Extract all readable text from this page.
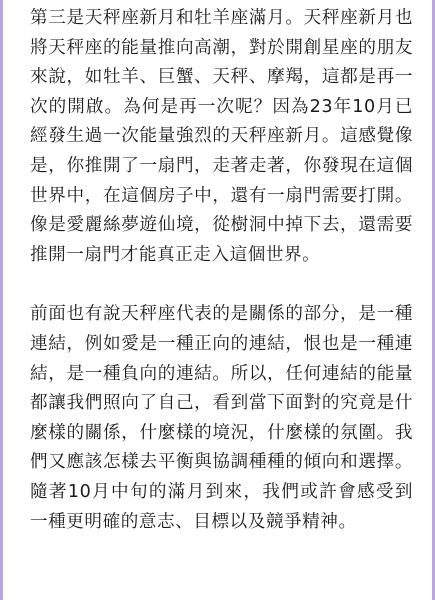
第三是天秤座新月和牡羊座滿月。天秤座新月也將天秤座的能量推向高潮，對於開創星座的朋友來說，如牡羊、巨蟹、天秤、摩羯，這都是再一次的開啟。為何是再一次呢？因為23年10月已經發生過一次能量強烈的天秤座新月。這感覺像是，你推開了一扇門，走著走著，你發現在這個世界中，在這個房子中，還有一扇門需要打開。像是愛麗絲夢遊仙境，從樹洞中掉下去，還需要推開一扇門才能真正走入這個世界。

前面也有說天秤座代表的是關係的部分，是一種連結，例如愛是一種正向的連結，恨也是一種連結，是一種負向的連結。所以，任何連結的能量都讓我們照向了自己，看到當下面對的究竟是什麼樣的關係，什麼樣的境況，什麼樣的氛圍。我們又應該怎樣去平衡與協調種種的傾向和選擇。隨著10月中旬的滿月到來，我們或許會感受到一種更明確的意志、目標以及競爭精神。
